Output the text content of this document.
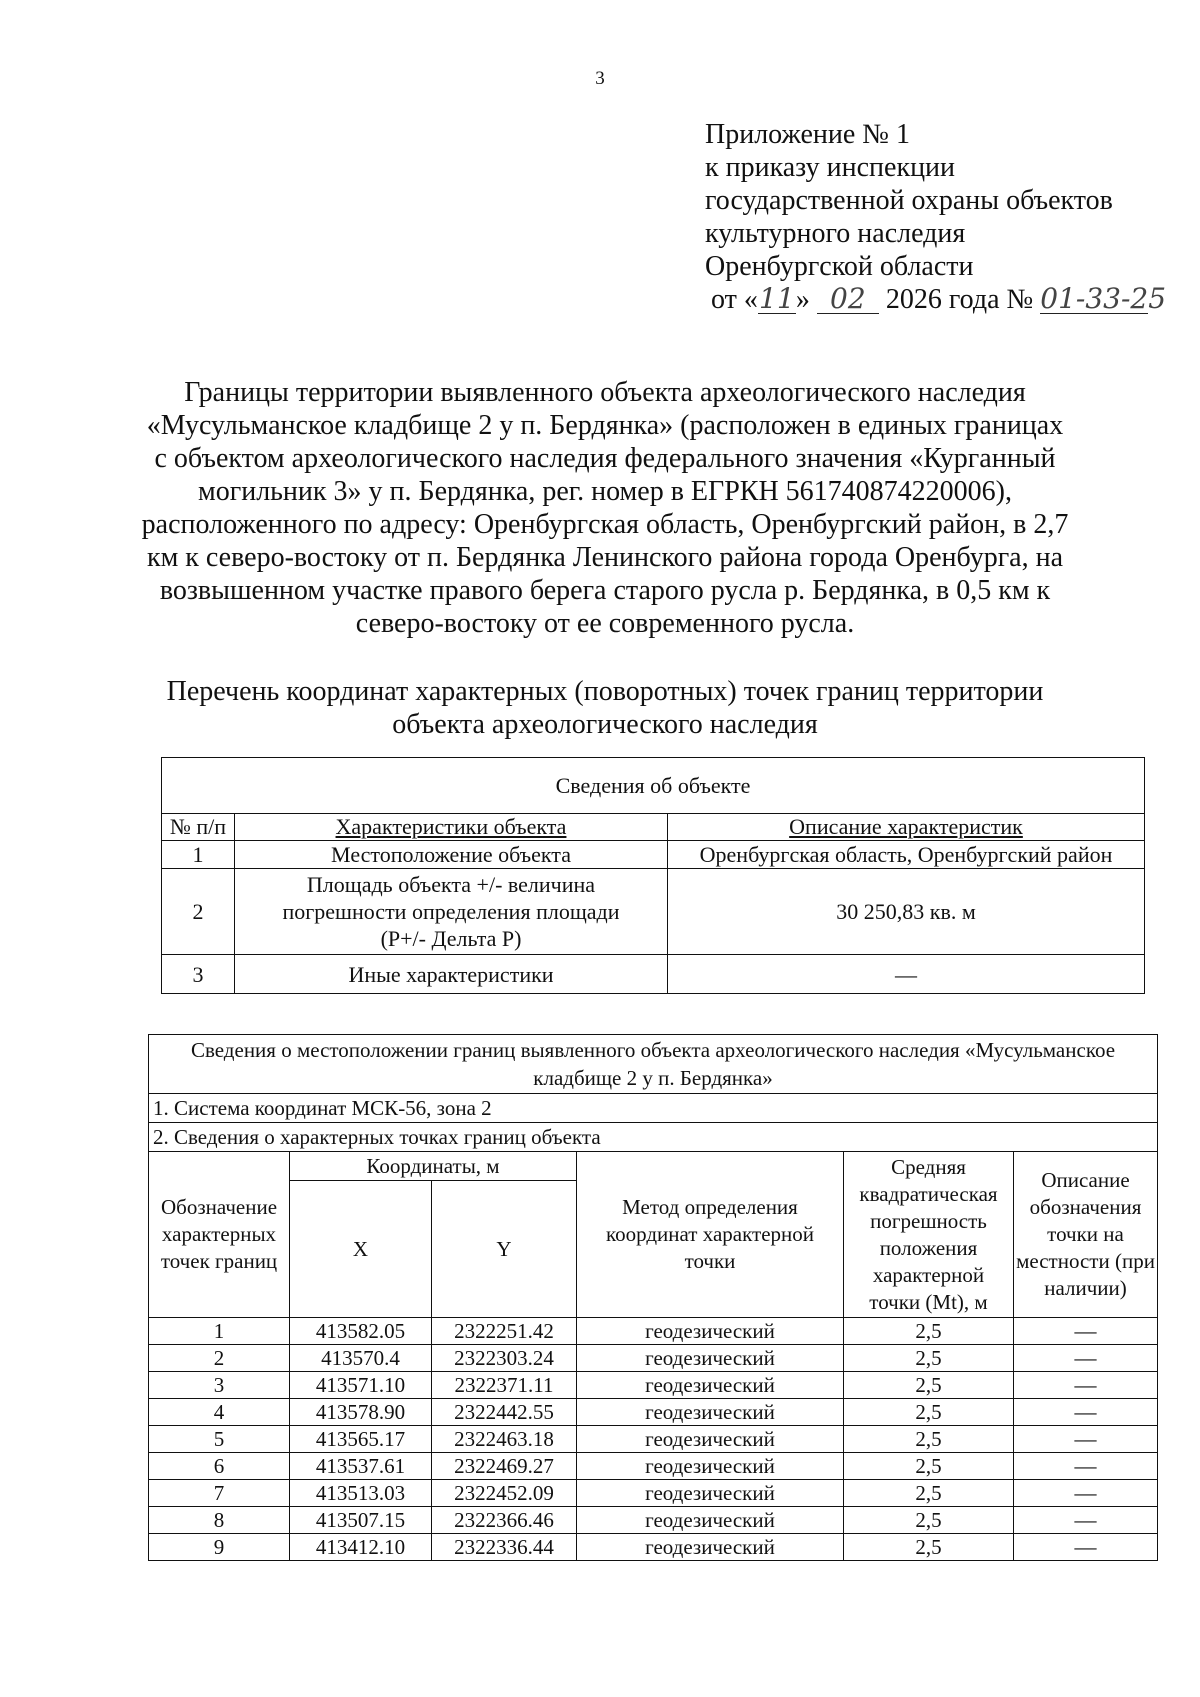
3
Приложение № 1
к приказу инспекции
государственной охраны объектов
культурного наследия
Оренбургской области
от «11» 02 2026 года № 01-33-25
Границы территории выявленного объекта археологического наследия «Мусульманское кладбище 2 у п. Бердянка» (расположен в единых границах с объектом археологического наследия федерального значения «Курганный могильник 3» у п. Бердянка, рег. номер в ЕГРКН 561740874220006), расположенного по адресу: Оренбургская область, Оренбургский район, в 2,7 км к северо-востоку от п. Бердянка Ленинского района города Оренбурга, на возвышенном участке правого берега старого русла р. Бердянка, в 0,5 км к северо-востоку от ее современного русла.
Перечень координат характерных (поворотных) точек границ территории объекта археологического наследия
Сведения об объекте		
№ п/п	Характеристики объекта	Описание характеристик
1	Местоположение объекта	Оренбургская область, Оренбургский район
2	Площадь объекта +/- величина погрешности определения площади (Р+/- Дельта Р)	30 250,83 кв. м
3	Иные характеристики	—
Сведения о местоположении границ выявленного объекта археологического наследия «Мусульманское кладбище 2 у п. Бердянка»					
1. Система координат МСК-56, зона 2					
2. Сведения о характерных точках границ объекта					
Обозначение характерных точек границ	Координаты, м		Метод определения координат характерной точки	Средняя квадратическая погрешность положения характерной точки (Mt), м	Описание обозначения точки на местности (при наличии)
	X	Y			
1	413582.05	2322251.42	геодезический	2,5	—
2	413570.4	2322303.24	геодезический	2,5	—
3	413571.10	2322371.11	геодезический	2,5	—
4	413578.90	2322442.55	геодезический	2,5	—
5	413565.17	2322463.18	геодезический	2,5	—
6	413537.61	2322469.27	геодезический	2,5	—
7	413513.03	2322452.09	геодезический	2,5	—
8	413507.15	2322366.46	геодезический	2,5	—
9	413412.10	2322336.44	геодезический	2,5	—
